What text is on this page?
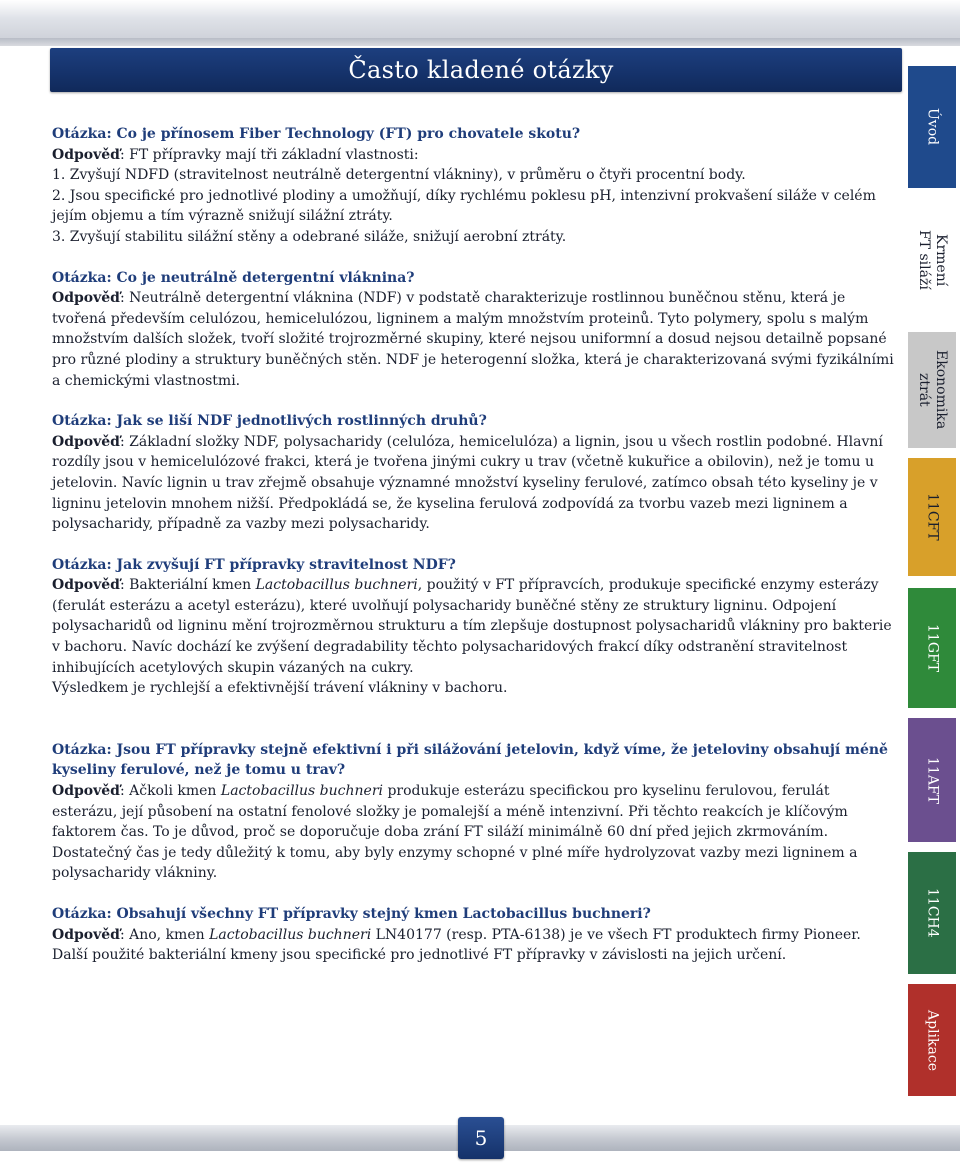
Často kladené otázky
Úvod
Krmení
FT siláží
Ekonomika
ztrát
11CFT
11GFT
11AFT
11CH4
Aplikace

Otázka: Co je přínosem Fiber Technology (FT) pro chovatele skotu?

Odpověď: FT přípravky mají tři základní vlastnosti:

1. Zvyšují NDFD (stravitelnost neutrálně detergentní vlákniny), v průměru o čtyři procentní body.

2. Jsou specifické pro jednotlivé plodiny a umožňují, díky rychlému poklesu pH, intenzivní prokvašení siláže v celém jejím objemu a tím výrazně snižují silážní ztráty.

3. Zvyšují stabilitu silážní stěny a odebrané siláže, snižují aerobní ztráty.

Otázka: Co je neutrálně detergentní vláknina?

Odpověď: Neutrálně detergentní vláknina (NDF) v podstatě charakterizuje rostlinnou buněčnou stěnu, která je tvořená především celulózou, hemicelulózou, ligninem a malým množstvím proteinů. Tyto polymery, spolu s malým množstvím dalších složek, tvoří složité trojrozměrné skupiny, které nejsou uniformní a dosud nejsou detailně popsané pro různé plodiny a struktury buněčných stěn. NDF je heterogenní složka, která je charakterizovaná svými fyzikálními a chemickými vlastnostmi.

Otázka: Jak se liší NDF jednotlivých rostlinných druhů?

Odpověď: Základní složky NDF, polysacharidy (celulóza, hemicelulóza) a lignin, jsou u všech rostlin podobné. Hlavní rozdíly jsou v hemicelulózové frakci, která je tvořena jinými cukry u trav (včetně kukuřice a obilovin), než je tomu u jetelovin. Navíc lignin u trav zřejmě obsahuje významné množství kyseliny ferulové, zatímco obsah této kyseliny je v ligninu jetelovin mnohem nižší. Předpokládá se, že kyselina ferulová zodpovídá za tvorbu vazeb mezi ligninem a polysacharidy, případně za vazby mezi polysacharidy.

Otázka: Jak zvyšují FT přípravky stravitelnost NDF?

Odpověď: Bakteriální kmen Lactobacillus buchneri, použitý v FT přípravcích, produkuje specifické enzymy esterázy (ferulát esterázu a acetyl esterázu), které uvolňují polysacharidy buněčné stěny ze struktury ligninu. Odpojení polysacharidů od ligninu mění trojrozměrnou strukturu a tím zlepšuje dostupnost polysacharidů vlákniny pro bakterie v bachoru. Navíc dochází ke zvýšení degradability těchto polysacharidových frakcí díky odstranění stravitelnost inhibujících acetylových skupin vázaných na cukry.

Výsledkem je rychlejší a efektivnější trávení vlákniny v bachoru.

Otázka: Jsou FT přípravky stejně efektivní i při silážování jetelovin, když víme, že jeteloviny obsahují méně kyseliny ferulové, než je tomu u trav?

Odpověď: Ačkoli kmen Lactobacillus buchneri produkuje esterázu specifickou pro kyselinu ferulovou, ferulát esterázu, její působení na ostatní fenolové složky je pomalejší a méně intenzivní. Při těchto reakcích je klíčovým faktorem čas. To je důvod, proč se doporučuje doba zrání FT siláží minimálně 60 dní před jejich zkrmováním. Dostatečný čas je tedy důležitý k tomu, aby byly enzymy schopné v plné míře hydrolyzovat vazby mezi ligninem a polysacharidy vlákniny.

Otázka: Obsahují všechny FT přípravky stejný kmen Lactobacillus buchneri?

Odpověď: Ano, kmen Lactobacillus buchneri LN40177 (resp. PTA-6138) je ve všech FT produktech firmy Pioneer. Další použité bakteriální kmeny jsou specifické pro jednotlivé FT přípravky v závislosti na jejich určení.

5
